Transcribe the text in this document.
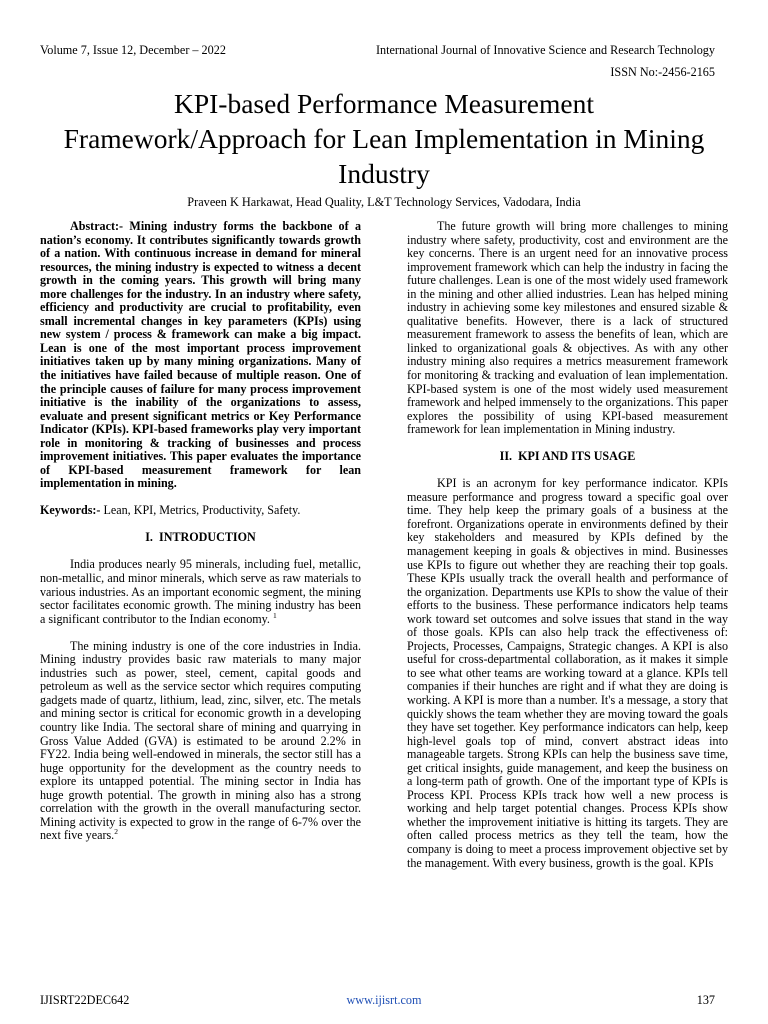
Volume 7, Issue 12, December – 2022	International Journal of Innovative Science and Research Technology
ISSN No:-2456-2165
KPI-based Performance Measurement Framework/Approach for Lean Implementation in Mining Industry
Praveen K Harkawat, Head Quality, L&T Technology Services, Vadodara, India

Abstract:- Mining industry forms the backbone of a nation’s economy. It contributes significantly towards growth of a nation. With continuous increase in demand for mineral resources, the mining industry is expected to witness a decent growth in the coming years. This growth will bring many more challenges for the industry. In an industry where safety, efficiency and productivity are crucial to profitability, even small incremental changes in key parameters (KPIs) using new system / process & framework can make a big impact. Lean is one of the most important process improvement initiatives taken up by many mining organizations. Many of the initiatives have failed because of multiple reason. One of the principle causes of failure for many process improvement initiative is the inability of the organizations to assess, evaluate and present significant metrics or Key Performance Indicator (KPIs). KPI-based frameworks play very important role in monitoring & tracking of businesses and process improvement initiatives. This paper evaluates the importance of KPI-based measurement framework for lean implementation in mining.

Keywords:- Lean, KPI, Metrics, Productivity, Safety.

I. INTRODUCTION

India produces nearly 95 minerals, including fuel, metallic, non-metallic, and minor minerals, which serve as raw materials to various industries. As an important economic segment, the mining sector facilitates economic growth. The mining industry has been a significant contributor to the Indian economy. $^1$

The mining industry is one of the core industries in India. Mining industry provides basic raw materials to many major industries such as power, steel, cement, capital goods and petroleum as well as the service sector which requires computing gadgets made of quartz, lithium, lead, zinc, silver, etc. The metals and mining sector is critical for economic growth in a developing country like India. The sectoral share of mining and quarrying in Gross Value Added (GVA) is estimated to be around 2.2% in FY22. India being well-endowed in minerals, the sector still has a huge opportunity for the development as the country needs to explore its untapped potential. The mining sector in India has huge growth potential. The growth in mining also has a strong correlation with the growth in the overall manufacturing sector. Mining activity is expected to grow in the range of 6-7% over the next five years.$^2$

The future growth will bring more challenges to mining industry where safety, productivity, cost and environment are the key concerns. There is an urgent need for an innovative process improvement framework which can help the industry in facing the future challenges. Lean is one of the most widely used framework in the mining and other allied industries. Lean has helped mining industry in achieving some key milestones and ensured sizable & qualitative benefits. However, there is a lack of structured measurement framework to assess the benefits of lean, which are linked to organizational goals & objectives. As with any other industry mining also requires a metrics measurement framework for monitoring & tracking and evaluation of lean implementation. KPI-based system is one of the most widely used measurement framework and helped immensely to the organizations. This paper explores the possibility of using KPI-based measurement framework for lean implementation in Mining industry.

II. KPI AND ITS USAGE

KPI is an acronym for key performance indicator. KPIs measure performance and progress toward a specific goal over time. They help keep the primary goals of a business at the forefront. Organizations operate in environments defined by their key stakeholders and measured by KPIs defined by the management keeping in goals & objectives in mind. Businesses use KPIs to figure out whether they are reaching their top goals. These KPIs usually track the overall health and performance of the organization. Departments use KPIs to show the value of their efforts to the business. These performance indicators help teams work toward set outcomes and solve issues that stand in the way of those goals. KPIs can also help track the effectiveness of: Projects, Processes, Campaigns, Strategic changes. A KPI is also useful for cross-departmental collaboration, as it makes it simple to see what other teams are working toward at a glance. KPIs tell companies if their hunches are right and if what they are doing is working. A KPI is more than a number. It's a message, a story that quickly shows the team whether they are moving toward the goals they have set together. Key performance indicators can help, keep high-level goals top of mind, convert abstract ideas into manageable targets. Strong KPIs can help the business save time, get critical insights, guide management, and keep the business on a long-term path of growth. One of the important type of KPIs is Process KPI. Process KPIs track how well a new process is working and help target potential changes. Process KPIs show whether the improvement initiative is hitting its targets. They are often called process metrics as they tell the team, how the company is doing to meet a process improvement objective set by the management. With every business, growth is the goal. KPIs

IJISRT22DEC642	www.ijisrt.com	137
